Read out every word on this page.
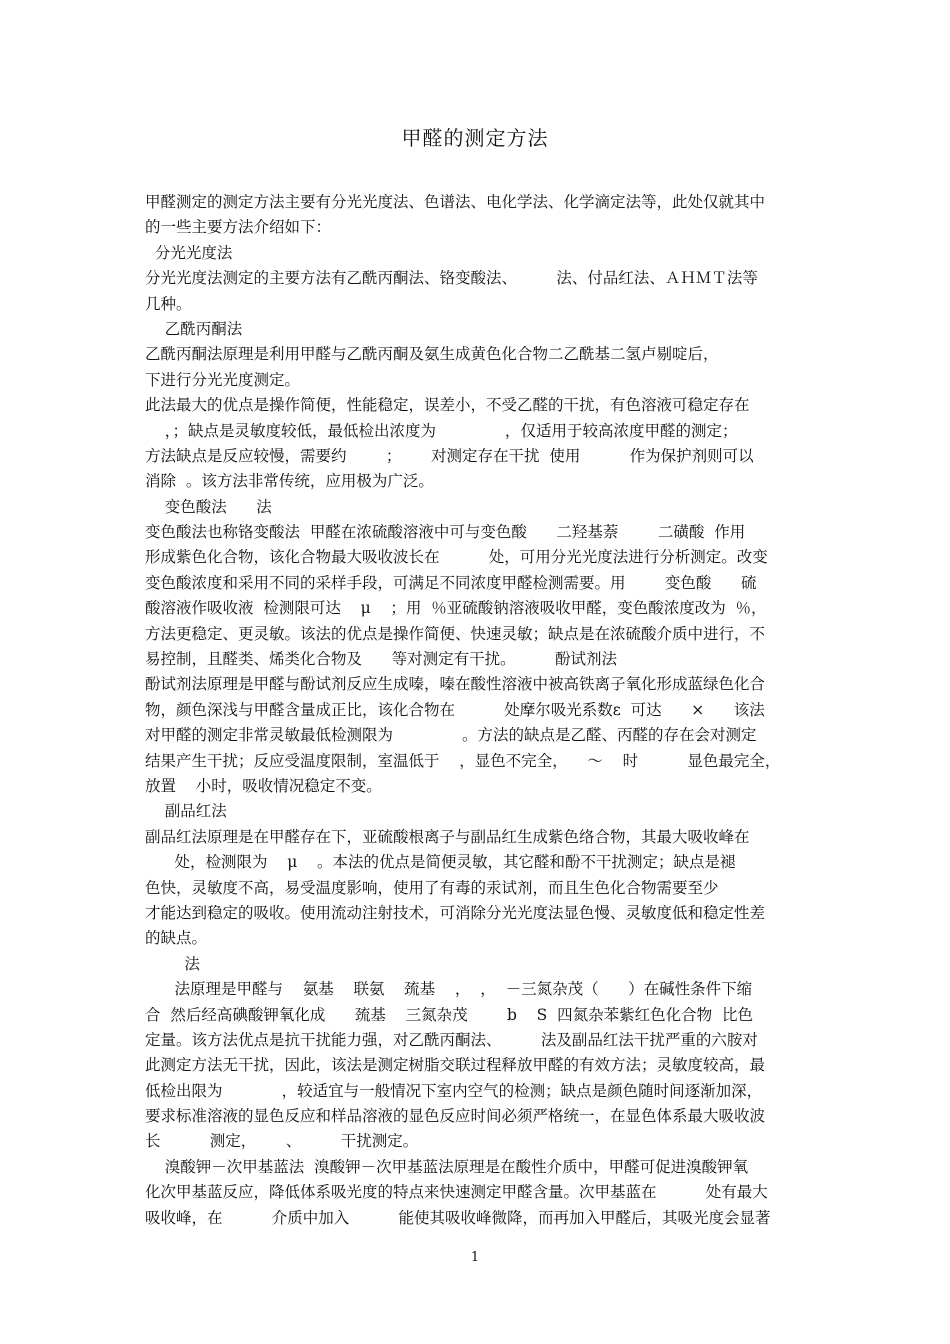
甲醛的测定方法
甲醛测定的测定方法主要有分光光度法、色谱法、电化学法、化学滴定法等，此处仅就其中
的一些主要方法介绍如下：
分光光度法
分光光度法测定的主要方法有乙酰丙酮法、铬变酸法、        法、付品红法、ＡＨＭＴ法等
几种。
乙酰丙酮法
乙酰丙酮法原理是利用甲醛与乙酰丙酮及氨生成黄色化合物二乙酰基二氢卢剔啶后，
下进行分光光度测定。
此法最大的优点是操作简便，性能稳定，误差小，不受乙醛的干扰，有色溶液可稳定存在
，；缺点是灵敏度较低，最低检出浓度为              ，仅适用于较高浓度甲醛的测定；
方法缺点是反应较慢，需要约        ；      对测定存在干扰  使用          作为保护剂则可以
消除  。该方法非常传统，应用极为广泛。
变色酸法      法
变色酸法也称铬变酸法  甲醛在浓硫酸溶液中可与变色酸      二羟基萘        二磺酸  作用
形成紫色化合物，该化合物最大吸收波长在          处，可用分光光度法进行分析测定。改变
变色酸浓度和采用不同的采样手段，可满足不同浓度甲醛检测需要。用        变色酸      硫
酸溶液作吸收液  检测限可达    μ    ；用  ％亚硫酸钠溶液吸收甲醛，变色酸浓度改为  ％，
方法更稳定、更灵敏。该法的优点是操作简便、快速灵敏；缺点是在浓硫酸介质中进行，不
易控制，且醛类、烯类化合物及      等对测定有干扰。        酚试剂法
酚试剂法原理是甲醛与酚试剂反应生成嗪，嗪在酸性溶液中被高铁离子氧化形成蓝绿色化合
物，颜色深浅与甲醛含量成正比，该化合物在          处摩尔吸光系数ε  可达      ×      该法
对甲醛的测定非常灵敏最低检测限为              。方法的缺点是乙醛、丙醛的存在会对测定
结果产生干扰；反应受温度限制，室温低于    ，显色不完全，    ～    时          显色最完全，
放置    小时，吸收情况稳定不变。
副品红法
副品红法原理是在甲醛存在下，亚硫酸根离子与副品红生成紫色络合物，其最大吸收峰在
处，检测限为    μ    。本法的优点是简便灵敏，其它醛和酚不干扰测定；缺点是褪
色快，灵敏度不高，易受温度影响，使用了有毒的汞试剂，而且生色化合物需要至少
才能达到稳定的吸收。使用流动注射技术，可消除分光光度法显色慢、灵敏度低和稳定性差
的缺点。
法
法原理是甲醛与    氨基    联氨    巯基    ，  ，  －三氮杂茂（      ）在碱性条件下缩
合  然后经高碘酸钾氧化成      巯基    三氮杂茂        b    S  四氮杂苯紫红色化合物  比色
定量。该方法优点是抗干扰能力强，对乙酰丙酮法、        法及副品红法干扰严重的六胺对
此测定方法无干扰，因此，该法是测定树脂交联过程释放甲醛的有效方法；灵敏度较高，最
低检出限为            ，较适宜与一般情况下室内空气的检测；缺点是颜色随时间逐渐加深，
要求标准溶液的显色反应和样品溶液的显色反应时间必须严格统一，在显色体系最大吸收波
长          测定，      、        干扰测定。
溴酸钾－次甲基蓝法  溴酸钾－次甲基蓝法原理是在酸性介质中，甲醛可促进溴酸钾氧
化次甲基蓝反应，降低体系吸光度的特点来快速测定甲醛含量。次甲基蓝在          处有最大
吸收峰，在          介质中加入          能使其吸收峰微降，而再加入甲醛后，其吸光度会显著
1
